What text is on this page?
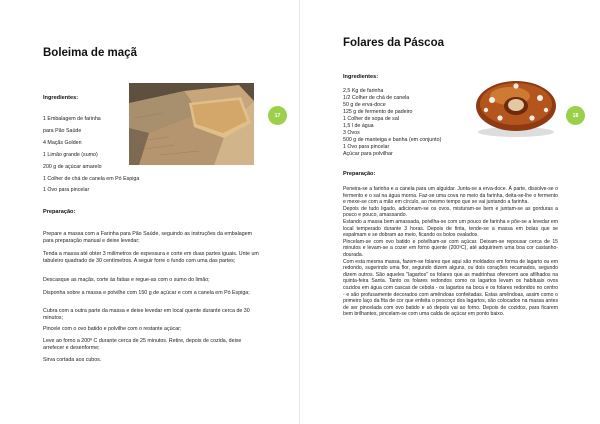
Boleima de maçã
17
Ingredientes:
1 Embalagem de farinha
para Pão Saúde
4 Maçãs Golden
1 Limão grande (sumo)
200 g de açúcar amarelo
1 Colher de chá de canela em Pó Espiga
1 Ovo para pincelar
Preparação:
Prepare a massa com a Farinha para Pão Saúde, seguindo as instruções da embalagem para preparação manual e deixe levedar;
Tenda a massa até obter 3 milímetros de espessura e corte em duas partes iguais. Unte um tabuleiro quadrado de 30 centímetros. A seguir forre o fundo com uma das partes;
Descasque as maçãs, corte às fatias e regue-as com o sumo do limão;
Disponha sobre a massa e polvilhe com 150 g de açúcar e com a canela em Pó Espiga;
Cubra com a outra parte da massa e deixe levedar em local quente durante cerca de 30 minutos;
Pincele com o ovo batido e polvilhe com o restante açúcar;
Leve ao forno a 200º C durante cerca de 25 minutos. Retire, depois de cozida, deixe arrefecer e desenforme;
Sirva cortada aos cubos.
Folares da Páscoa
18
Ingredientes:
2,5 Kg de farinha
1/2 Colher de chá de canela
50 g de erva-doce
125 g de fermento de padeiro
1 Colher de sopa de sal
1,5 l de água
3 Ovos
500 g de manteiga e banha (em conjunto)
1 Ovo para pincelar
Açúcar para polvilhar
Preparação:
Peneira-se a farinha e a canela para um alguidar. Junta-se a erva-doce. À parte, dissolve-se o fermento e o sal na água morna. Faz-se uma cova no meio da farinha, deita-se-lhe o fermento e mexe-se com a mão em círculo, ao mesmo tempo que se vai juntando a farinha.
Depois de tudo ligado, adicionam-se os ovos, misturam-se bem e juntam-se as gorduras a pouco e pouco, amassando.
Estando a massa bem amassada, polvilha-se com um pouco de farinha e põe-se a levedar em local temperado durante 3 horas. Depois de finta, tende-se a massa em bolas que se espalmam e se dobram ao meio, ficando os bolos ovalados.
Pincelam-se com ovo batido e polvilham-se com açúcar. Deixam-se repousar cerca de 15 minutos e levam-se a cozer em forno quente (200ºC), até adquirirem uma boa cor castanho-dourada.
Com esta mesma massa, fazem-se folares que aqui são moldados em forma de lagarto ou em redondo, sugerindo uma flor, segundo dizem alguns, ou dois corações recamados, segundo dizem outros. São aqueles "lagartos" os folares que as madrinhas oferecem aos afilhados na quinta-feira Santa. Tanto os folares redondos como os lagartos levam os habituais ovos cozidos em água com cascas de cebola - os lagartos na boca e os folares redondos no centro - e são profusamente decorados com amêndoas confeitadas. Estas amêndoas, assim como o primeiro laço da fita de cor que enfeita o pescoço dos lagartos, são colocados na massa antes de ser pincelada com ovo batido e só depois vai ao forno. Depois de cozidos, para ficarem bem brilhantes, pincelam-se com uma calda de açúcar em ponto baixo.
